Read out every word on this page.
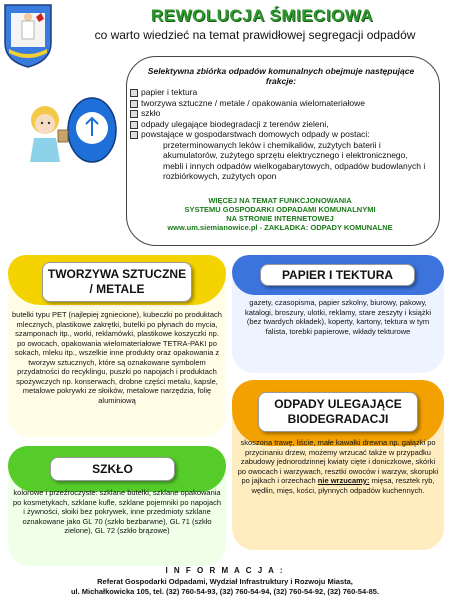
REWOLUCJA ŚMIECIOWA
co warto wiedzieć na temat prawidłowej segregacji odpadów
Selektywna zbiórka odpadów komunalnych obejmuje następujące frakcje:
papier i tektura
tworzywa sztuczne / metale / opakowania wielomateriałowe
szkło
odpady ulegające biodegradacji z terenów zieleni,
powstające w gospodarstwach domowych odpady w postaci:
przeterminowanych leków i chemikaliów, zużytych baterii i akumulatorów, zużytego sprzętu elektrycznego i elektronicznego, mebli i innych odpadów wielkogabarytowych, odpadów budowlanych i rozbiórkowych, zużytych opon
WIĘCEJ NA TEMAT FUNKCJONOWANIA
SYSTEMU GOSPODARKI ODPADAMI KOMUNALNYMI
NA STRONIE INTERNETOWEJ
www.um.siemianowice.pl - ZAKŁADKA: ODPADY KOMUNALNE
TWORZYWA SZTUCZNE
/ METALE
butelki typu PET (najlepiej zgniecione), kubeczki po produktach mlecznych, plastikowe zakrętki, butelki po płynach do mycia, szamponach itp., worki, reklamówki, plastikowe koszyczki np. po owocach, opakowania wielomateriałowe TETRA-PAKI po sokach, mleku itp., wszelkie inne produkty oraz opakowania z tworzyw sztucznych, które są oznakowane symbolem przydatności do recyklingu, puszki po napojach i produktach spożywczych np. konserwach, drobne części metalu, kapsle, metalowe pokrywki ze słoików, metalowe narzędzia, folię aluminiową
PAPIER I TEKTURA
gazety, czasopisma, papier szkolny, biurowy, pakowy, katalogi, broszury, ulotki, reklamy, stare zeszyty i książki (bez twardych okładek), koperty, kartony, tektura w tym falista, torebki papierowe, wkłady tekturowe
ODPADY ULEGAJĄCE
BIODEGRADACJI
skoszona trawę, liście, małe kawałki drewna np. gałązki po przycinaniu drzew, możemy wrzucać także w przypadku zabudowy jednorodzinnej kwiaty cięte i doniczkowe, skórki po owocach i warzywach, resztki owoców i warzyw, skorupki po jajkach i orzechach nie wrzucamy: mięsa, resztek ryb, wędlin, mięs, kości, płynnych odpadów kuchennych.
SZKŁO
kolorowe i przeźroczyste: szklane butelki, szklane opakowania po kosmetykach, szklane kufle, szklane pojemniki po napojach i żywności, słoiki bez pokrywek, inne przedmioty szklane oznakowane jako GL 70 (szkło bezbarwne), GL 71 (szkło zielone), GL 72 (szkło brązowe)
I N F O R M A C J A :
Referat Gospodarki Odpadami, Wydział Infrastruktury i Rozwoju Miasta,
ul. Michałkowicka 105, tel. (32) 760-54-93, (32) 760-54-94, (32) 760-54-92, (32) 760-54-85.
